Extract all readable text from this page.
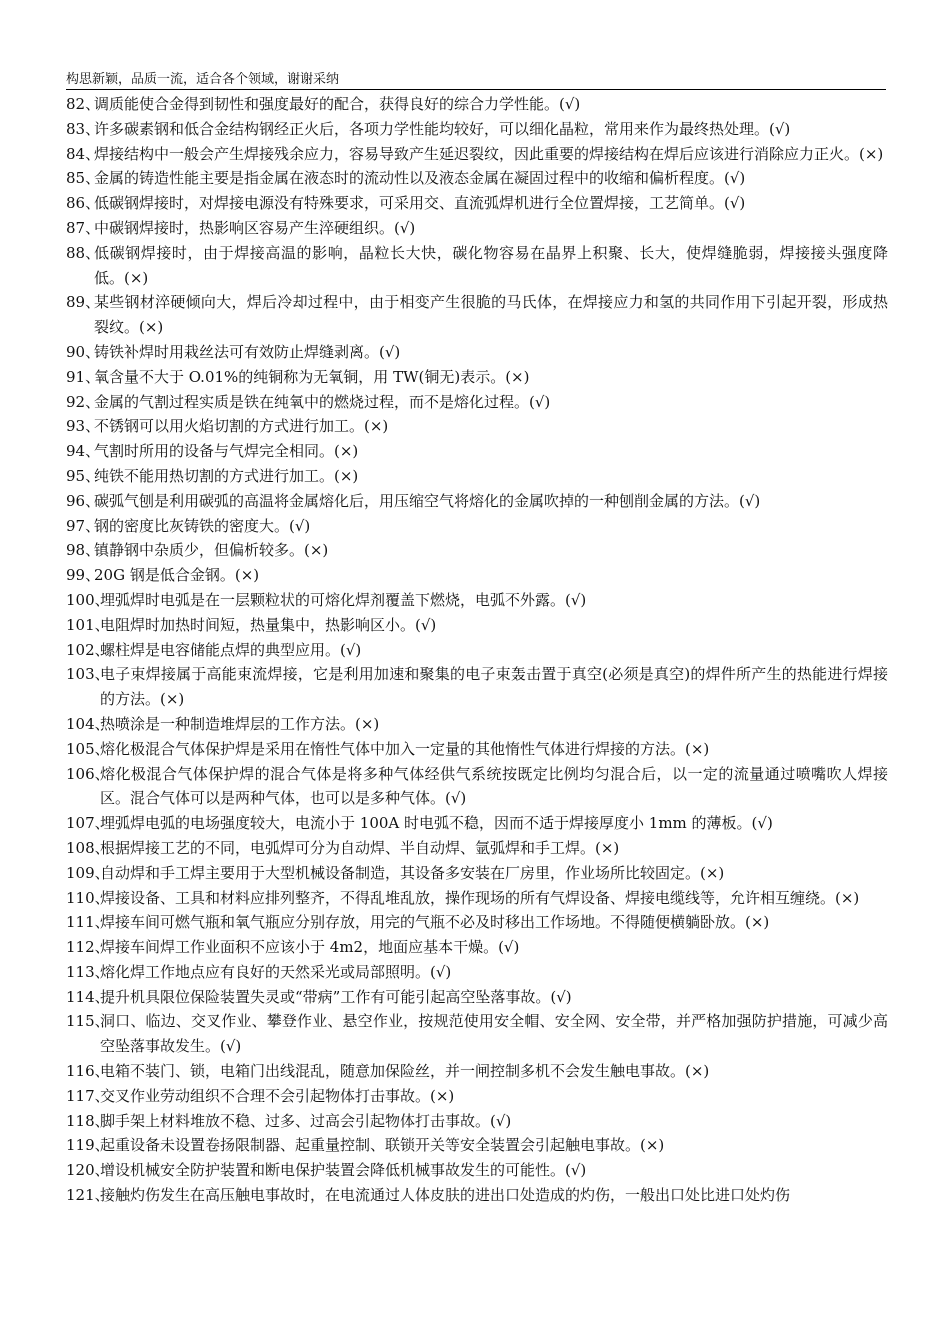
构思新颖，品质一流，适合各个领域，谢谢采纳
82、
调质能使合金得到韧性和强度最好的配合，获得良好的综合力学性能。(√)
83、
许多碳素钢和低合金结构钢经正火后，各项力学性能均较好，可以细化晶粒，常用来作为最终热处理。(√)
84、
焊接结构中一般会产生焊接残余应力，容易导致产生延迟裂纹，因此重要的焊接结构在焊后应该进行消除应力正火。(×)
85、
金属的铸造性能主要是指金属在液态时的流动性以及液态金属在凝固过程中的收缩和偏析程度。(√)
86、
低碳钢焊接时，对焊接电源没有特殊要求，可采用交、直流弧焊机进行全位置焊接，工艺简单。(√)
87、
中碳钢焊接时，热影响区容易产生淬硬组织。(√)
88、
低碳钢焊接时，由于焊接高温的影响，晶粒长大快，碳化物容易在晶界上积聚、长大，使焊缝脆弱，焊接接头强度降低。(×)
89、
某些钢材淬硬倾向大，焊后冷却过程中，由于相变产生很脆的马氏体，在焊接应力和氢的共同作用下引起开裂，形成热裂纹。(×)
90、
铸铁补焊时用栽丝法可有效防止焊缝剥离。(√)
91、
氧含量不大于 O.01%的纯铜称为无氧铜，用 TW(铜无)表示。(×)
92、
金属的气割过程实质是铁在纯氧中的燃烧过程，而不是熔化过程。(√)
93、
不锈钢可以用火焰切割的方式进行加工。(×)
94、
气割时所用的设备与气焊完全相同。(×)
95、
纯铁不能用热切割的方式进行加工。(×)
96、
碳弧气刨是利用碳弧的高温将金属熔化后，用压缩空气将熔化的金属吹掉的一种刨削金属的方法。(√)
97、
钢的密度比灰铸铁的密度大。(√)
98、
镇静钢中杂质少，但偏析较多。(×)
99、
20G 钢是低合金钢。(×)
100、
埋弧焊时电弧是在一层颗粒状的可熔化焊剂覆盖下燃烧，电弧不外露。(√)
101、
电阻焊时加热时间短，热量集中，热影响区小。(√)
102、
螺柱焊是电容储能点焊的典型应用。(√)
103、
电子束焊接属于高能束流焊接，它是利用加速和聚集的电子束轰击置于真空(必须是真空)的焊件所产生的热能进行焊接的方法。(×)
104、
热喷涂是一种制造堆焊层的工作方法。(×)
105、
熔化极混合气体保护焊是采用在惰性气体中加入一定量的其他惰性气体进行焊接的方法。(×)
106、
熔化极混合气体保护焊的混合气体是将多种气体经供气系统按既定比例均匀混合后，以一定的流量通过喷嘴吹人焊接区。混合气体可以是两种气体，也可以是多种气体。(√)
107、
埋弧焊电弧的电场强度较大，电流小于 100A 时电弧不稳，因而不适于焊接厚度小 1mm 的薄板。(√)
108、
根据焊接工艺的不同，电弧焊可分为自动焊、半自动焊、氩弧焊和手工焊。(×)
109、
自动焊和手工焊主要用于大型机械设备制造，其设备多安装在厂房里，作业场所比较固定。(×)
110、
焊接设备、工具和材料应排列整齐，不得乱堆乱放，操作现场的所有气焊设备、焊接电缆线等，允许相互缠绕。(×)
111、
焊接车间可燃气瓶和氧气瓶应分别存放，用完的气瓶不必及时移出工作场地。不得随便横躺卧放。(×)
112、
焊接车间焊工作业面积不应该小于 4m2，地面应基本干燥。(√)
113、
熔化焊工作地点应有良好的天然采光或局部照明。(√)
114、
提升机具限位保险装置失灵或“带病”工作有可能引起高空坠落事故。(√)
115、
洞口、临边、交叉作业、攀登作业、悬空作业，按规范使用安全帽、安全网、安全带，并严格加强防护措施，可减少高空坠落事故发生。(√)
116、
电箱不装门、锁，电箱门出线混乱，随意加保险丝，并一闸控制多机不会发生触电事故。(×)
117、
交叉作业劳动组织不合理不会引起物体打击事故。(×)
118、
脚手架上材料堆放不稳、过多、过高会引起物体打击事故。(√)
119、
起重设备未设置卷扬限制器、起重量控制、联锁开关等安全装置会引起触电事故。(×)
120、
增设机械安全防护装置和断电保护装置会降低机械事故发生的可能性。(√)
121、
接触灼伤发生在高压触电事故时，在电流通过人体皮肤的进出口处造成的灼伤，一般出口处比进口处灼伤
